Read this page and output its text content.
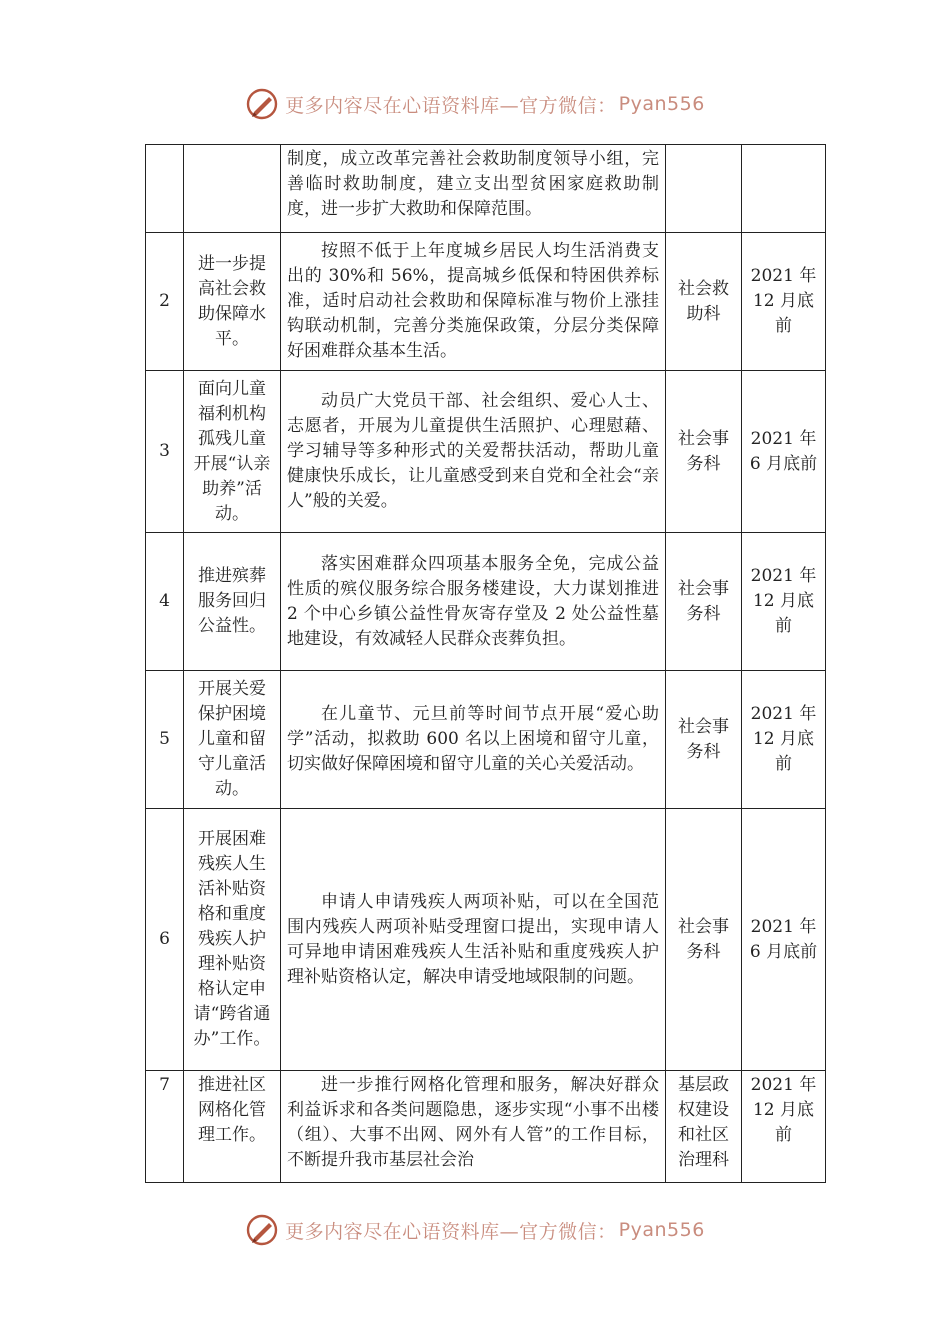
更多内容尽在心语资料库—官方微信： Pyan556
		制度，成立改革完善社会救助制度领导小组，完善临时救助制度，建立支出型贫困家庭救助制度，进一步扩大救助和保障范围。		
2	进一步提高社会救助保障水平。	按照不低于上年度城乡居民人均生活消费支出的 30%和 56%，提高城乡低保和特困供养标准，适时启动社会救助和保障标准与物价上涨挂钩联动机制，完善分类施保政策，分层分类保障好困难群众基本生活。	社会救助科	2021 年 12 月底前
3	面向儿童福利机构孤残儿童开展“认亲助养”活动。	动员广大党员干部、社会组织、爱心人士、志愿者，开展为儿童提供生活照护、心理慰藉、学习辅导等多种形式的关爱帮扶活动，帮助儿童健康快乐成长，让儿童感受到来自党和全社会“亲人”般的关爱。	社会事务科	2021 年 6 月底前
4	推进殡葬服务回归公益性。	落实困难群众四项基本服务全免，完成公益性质的殡仪服务综合服务楼建设，大力谋划推进 2 个中心乡镇公益性骨灰寄存堂及 2 处公益性墓地建设，有效减轻人民群众丧葬负担。	社会事务科	2021 年 12 月底前
5	开展关爱保护困境儿童和留守儿童活动。	在儿童节、元旦前等时间节点开展“爱心助学”活动，拟救助 600 名以上困境和留守儿童，切实做好保障困境和留守儿童的关心关爱活动。	社会事务科	2021 年 12 月底前
6	开展困难残疾人生活补贴资格和重度残疾人护理补贴资格认定申请“跨省通办”工作。	申请人申请残疾人两项补贴，可以在全国范围内残疾人两项补贴受理窗口提出，实现申请人可异地申请困难残疾人生活补贴和重度残疾人护理补贴资格认定，解决申请受地域限制的问题。	社会事务科	2021 年 6 月底前
7	推进社区网格化管理工作。	进一步推行网格化管理和服务，解决好群众利益诉求和各类问题隐患，逐步实现“小事不出楼（组）、大事不出网、网外有人管”的工作目标，不断提升我市基层社会治	基层政权建设和社区治理科	2021 年 12 月底前
更多内容尽在心语资料库—官方微信： Pyan556
